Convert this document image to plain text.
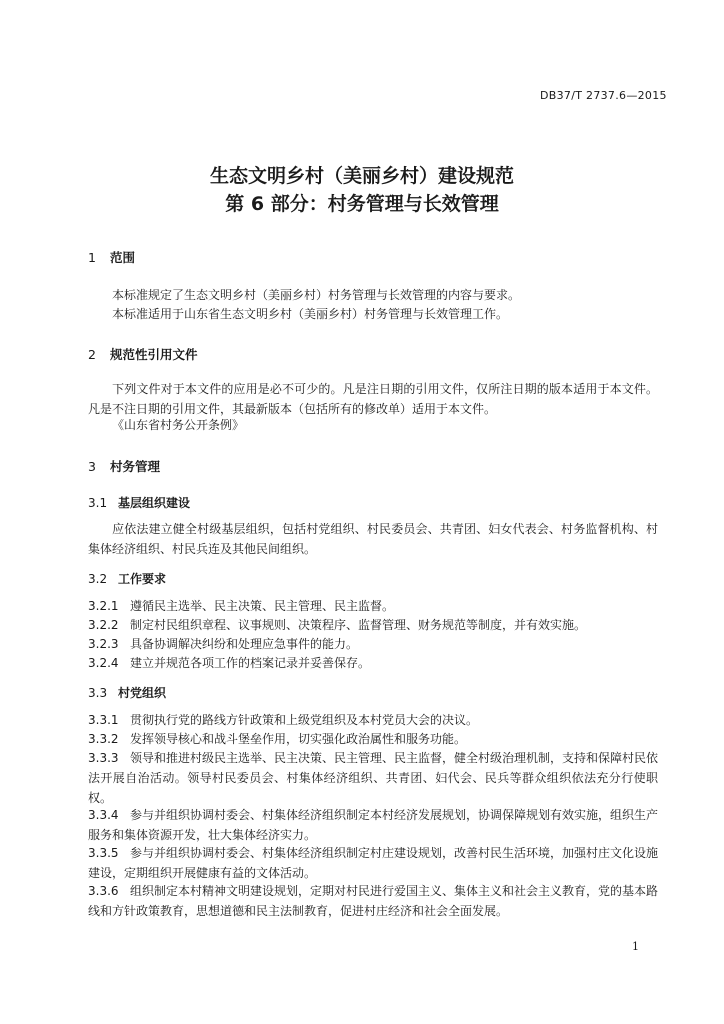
DB37/T 2737.6—2015
生态文明乡村（美丽乡村）建设规范
第 6 部分：村务管理与长效管理
1 范围
本标准规定了生态文明乡村（美丽乡村）村务管理与长效管理的内容与要求。
本标准适用于山东省生态文明乡村（美丽乡村）村务管理与长效管理工作。
2 规范性引用文件
下列文件对于本文件的应用是必不可少的。凡是注日期的引用文件，仅所注日期的版本适用于本文件。凡是不注日期的引用文件，其最新版本（包括所有的修改单）适用于本文件。
《山东省村务公开条例》
3 村务管理
3.1 基层组织建设
应依法建立健全村级基层组织，包括村党组织、村民委员会、共青团、妇女代表会、村务监督机构、村集体经济组织、村民兵连及其他民间组织。
3.2 工作要求
3.2.1 遵循民主选举、民主决策、民主管理、民主监督。
3.2.2 制定村民组织章程、议事规则、决策程序、监督管理、财务规范等制度，并有效实施。
3.2.3 具备协调解决纠纷和处理应急事件的能力。
3.2.4 建立并规范各项工作的档案记录并妥善保存。
3.3 村党组织
3.3.1 贯彻执行党的路线方针政策和上级党组织及本村党员大会的决议。
3.3.2 发挥领导核心和战斗堡垒作用，切实强化政治属性和服务功能。
3.3.3 领导和推进村级民主选举、民主决策、民主管理、民主监督，健全村级治理机制，支持和保障村民依法开展自治活动。领导村民委员会、村集体经济组织、共青团、妇代会、民兵等群众组织依法充分行使职权。
3.3.4 参与并组织协调村委会、村集体经济组织制定本村经济发展规划，协调保障规划有效实施，组织生产服务和集体资源开发，壮大集体经济实力。
3.3.5 参与并组织协调村委会、村集体经济组织制定村庄建设规划，改善村民生活环境，加强村庄文化设施建设，定期组织开展健康有益的文体活动。
3.3.6 组织制定本村精神文明建设规划，定期对村民进行爱国主义、集体主义和社会主义教育，党的基本路线和方针政策教育，思想道德和民主法制教育，促进村庄经济和社会全面发展。
1
